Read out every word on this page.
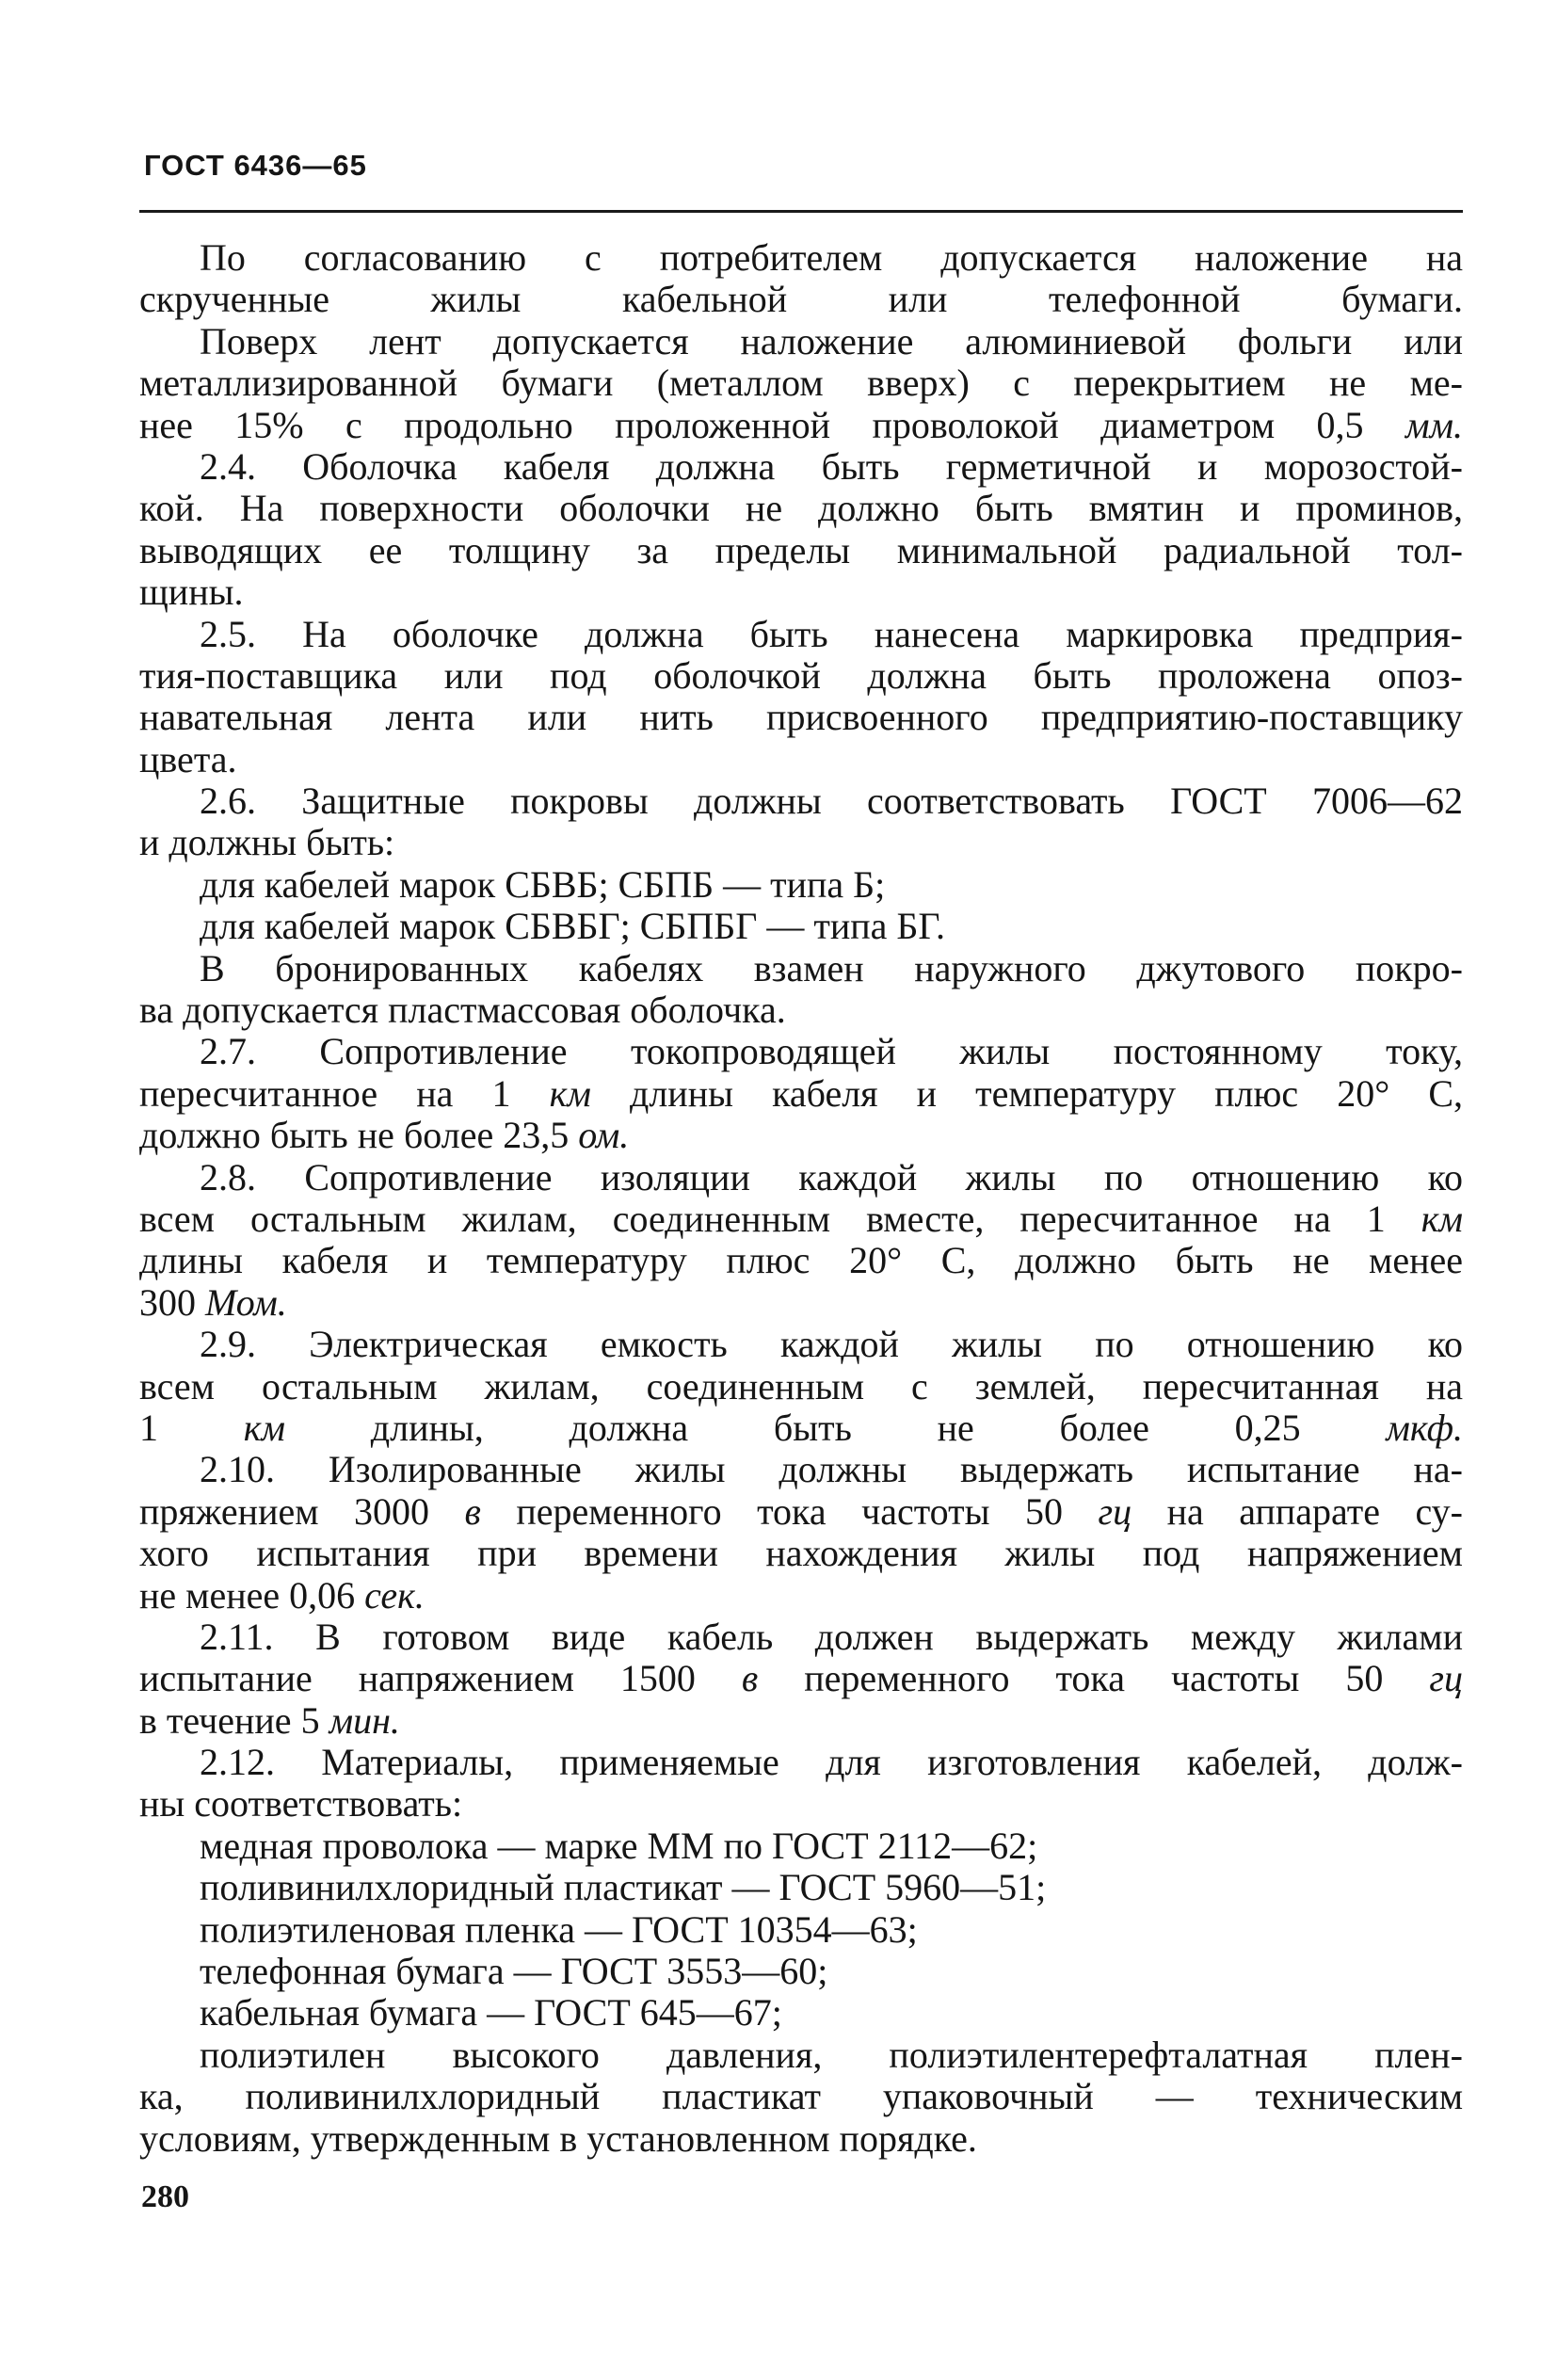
ГОСТ 6436—65
По согласованию с потребителем допускается наложение на
скрученные жилы кабельной или телефонной бумаги.
Поверх лент допускается наложение алюминиевой фольги или
металлизированной бумаги (металлом вверх) с перекрытием не ме-
нее 15% с продольно проложенной проволокой диаметром 0,5 мм.
2.4. Оболочка кабеля должна быть герметичной и морозостой-
кой. На поверхности оболочки не должно быть вмятин и проминов,
выводящих ее толщину за пределы минимальной радиальной тол-
щины.
2.5. На оболочке должна быть нанесена маркировка предприя-
тия-поставщика или под оболочкой должна быть проложена опоз-
навательная лента или нить присвоенного предприятию-поставщику
цвета.
2.6. Защитные покровы должны соответствовать ГОСТ 7006—62
и должны быть:
для кабелей марок СБВБ; СБПБ — типа Б;
для кабелей марок СБВБГ; СБПБГ — типа БГ.
В бронированных кабелях взамен наружного джутового покро-
ва допускается пластмассовая оболочка.
2.7. Сопротивление токопроводящей жилы постоянному току,
пересчитанное на 1 км длины кабеля и температуру плюс 20° С,
должно быть не более 23,5 ом.
2.8. Сопротивление изоляции каждой жилы по отношению ко
всем остальным жилам, соединенным вместе, пересчитанное на 1 км
длины кабеля и температуру плюс 20° С, должно быть не менее
300 Мом.
2.9. Электрическая емкость каждой жилы по отношению ко
всем остальным жилам, соединенным с землей, пересчитанная на
1 км длины, должна быть не более 0,25 мкф.
2.10. Изолированные жилы должны выдержать испытание на-
пряжением 3000 в переменного тока частоты 50 гц на аппарате су-
хого испытания при времени нахождения жилы под напряжением
не менее 0,06 сек.
2.11. В готовом виде кабель должен выдержать между жилами
испытание напряжением 1500 в переменного тока частоты 50 гц
в течение 5 мин.
2.12. Материалы, применяемые для изготовления кабелей, долж-
ны соответствовать:
медная проволока — марке ММ по ГОСТ 2112—62;
поливинилхлоридный пластикат — ГОСТ 5960—51;
полиэтиленовая пленка — ГОСТ 10354—63;
телефонная бумага — ГОСТ 3553—60;
кабельная бумага — ГОСТ 645—67;
полиэтилен высокого давления, полиэтилентерефталатная плен-
ка, поливинилхлоридный пластикат упаковочный — техническим
условиям, утвержденным в установленном порядке.
280
